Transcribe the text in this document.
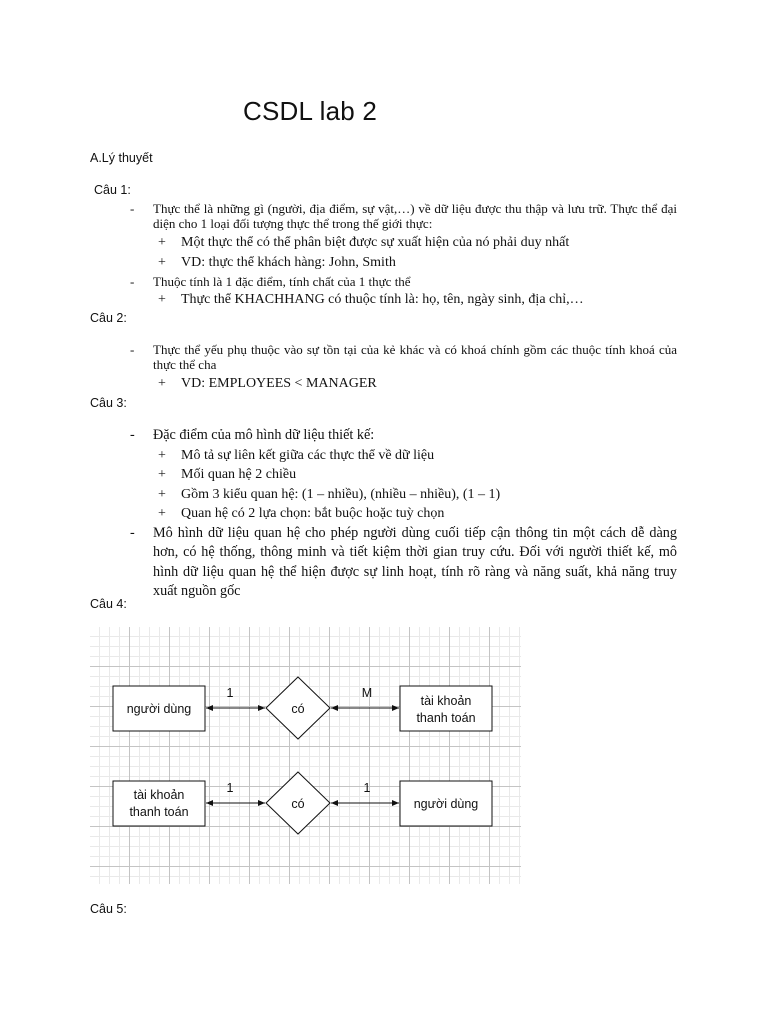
CSDL lab 2
A.Lý thuyết
Câu 1:
- Thực thể là những gì (người, địa điểm, sự vật,…) về dữ liệu được thu thập và lưu trữ. Thực thể đại diện cho 1 loại đối tượng thực thể trong thế giới thực:
+ Một thực thể có thể phân biệt được sự xuất hiện của nó phải duy nhất
+ VD: thực thể khách hàng: John, Smith
- Thuộc tính là 1 đặc điểm, tính chất của 1 thực thể
+ Thực thể KHACHHANG có thuộc tính là: họ, tên, ngày sinh, địa chỉ,…
Câu 2:
- Thực thể yếu phụ thuộc vào sự tồn tại của kẻ khác và có khoá chính gồm các thuộc tính khoá của thực thể cha
+ VD: EMPLOYEES < MANAGER
Câu 3:
- Đặc điểm của mô hình dữ liệu thiết kế:
+ Mô tả sự liên kết giữa các thực thể về dữ liệu
+ Mối quan hệ 2 chiều
+ Gồm 3 kiểu quan hệ: (1 – nhiều), (nhiều – nhiều), (1 – 1)
+ Quan hệ có 2 lựa chọn: bắt buộc hoặc tuỳ chọn
- Mô hình dữ liệu quan hệ cho phép người dùng cuối tiếp cận thông tin một cách dễ dàng hơn, có hệ thống, thông minh và tiết kiệm thời gian truy cứu. Đối với người thiết kế, mô hình dữ liệu quan hệ thể hiện được sự linh hoạt, tính rõ ràng và năng suất, khả năng truy xuất nguồn gốc
Câu 4:
người dùng	có
tài khoản
thanh toán
1	M
tài khoản
thanh toán
có	người dùng
1	1
Câu 5:
